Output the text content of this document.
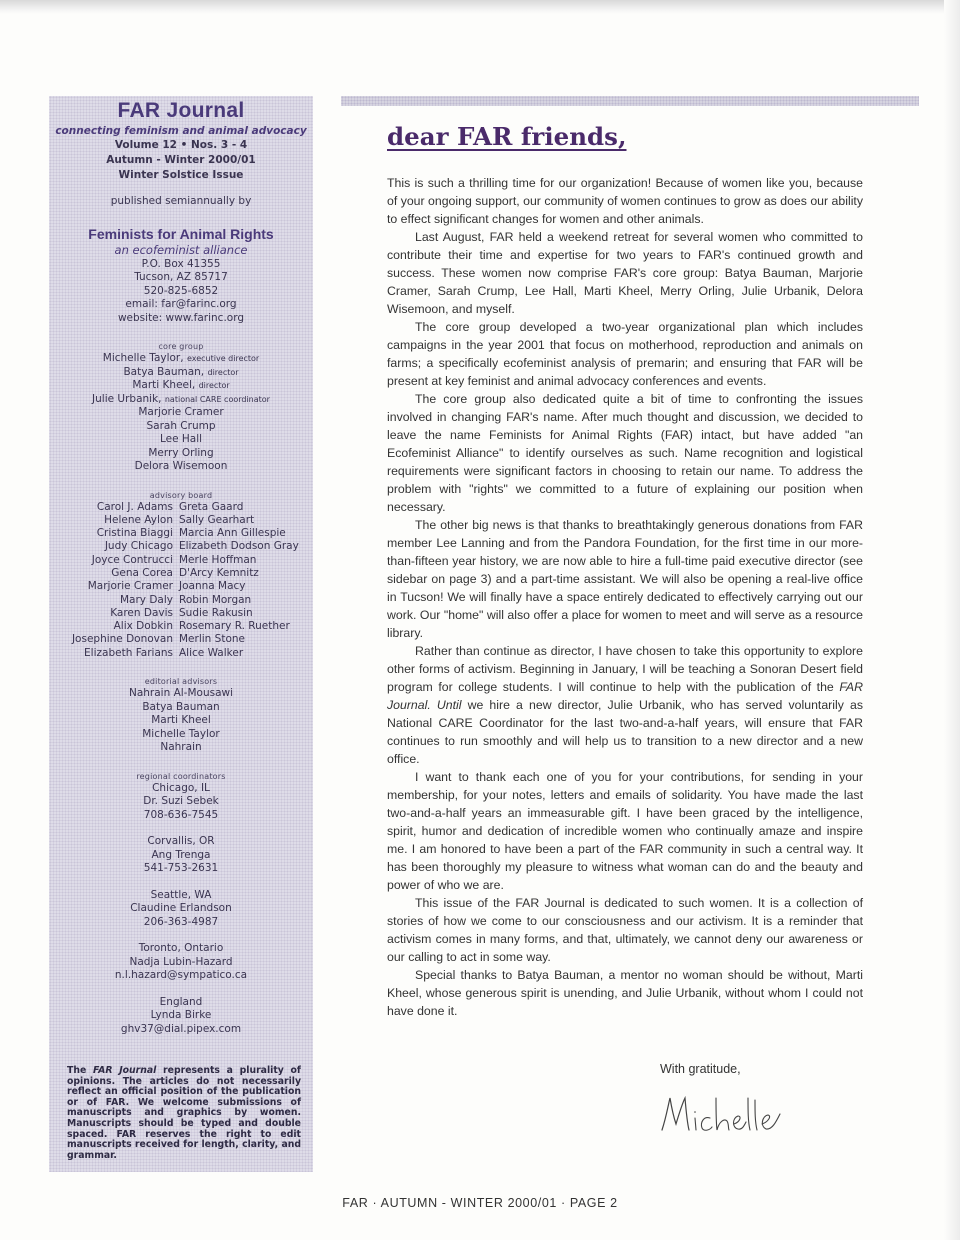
FAR Journal
connecting feminism and animal advocacy
Volume 12 • Nos. 3 - 4
Autumn - Winter 2000/01
Winter Solstice Issue
published semiannually by
Feminists for Animal Rights
an ecofeminist alliance
P.O. Box 41355
Tucson, AZ 85717
520-825-6852
email: far@farinc.org
website: www.farinc.org
core group
Michelle Taylor, executive director
Batya Bauman, director
Marti Kheel, director
Julie Urbanik, national CARE coordinator
Marjorie Cramer
Sarah Crump
Lee Hall
Merry Orling
Delora Wisemoon
advisory board
Carol J. Adams
Helene Aylon
Cristina Biaggi
Judy Chicago
Joyce Contrucci
Gena Corea
Marjorie Cramer
Mary Daly
Karen Davis
Alix Dobkin
Josephine Donovan
Elizabeth Farians
Greta Gaard
Sally Gearhart
Marcia Ann Gillespie
Elizabeth Dodson Gray
Merle Hoffman
D'Arcy Kemnitz
Joanna Macy
Robin Morgan
Sudie Rakusin
Rosemary R. Ruether
Merlin Stone
Alice Walker
editorial advisors
Nahrain Al-Mousawi
Batya Bauman
Marti Kheel
Michelle Taylor
Nahrain
regional coordinators
Chicago, IL
Dr. Suzi Sebek
708-636-7545
Corvallis, OR
Ang Trenga
541-753-2631
Seattle, WA
Claudine Erlandson
206-363-4987
Toronto, Ontario
Nadja Lubin-Hazard
n.l.hazard@sympatico.ca
England
Lynda Birke
ghv37@dial.pipex.com
The FAR Journal represents a plurality of opinions. The articles do not necessarily reflect an official position of the publication or of FAR. We welcome submissions of manuscripts and graphics by women. Manuscripts should be typed and double spaced. FAR reserves the right to edit manuscripts received for length, clarity, and grammar.
dear FAR friends,

This is such a thrilling time for our organization! Because of women like you, because of your ongoing support, our community of women continues to grow as does our ability to effect significant changes for women and other animals.

Last August, FAR held a weekend retreat for several women who committed to contribute their time and expertise for two years to FAR's continued growth and success. These women now comprise FAR's core group: Batya Bauman, Marjorie Cramer, Sarah Crump, Lee Hall, Marti Kheel, Merry Orling, Julie Urbanik, Delora Wisemoon, and myself.

The core group developed a two-year organizational plan which includes campaigns in the year 2001 that focus on motherhood, reproduction and animals on farms; a specifically ecofeminist analysis of premarin; and ensuring that FAR will be present at key feminist and animal advocacy conferences and events.

The core group also dedicated quite a bit of time to confronting the issues involved in changing FAR's name. After much thought and discussion, we decided to leave the name Feminists for Animal Rights (FAR) intact, but have added "an Ecofeminist Alliance" to identify ourselves as such. Name recognition and logistical requirements were significant factors in choosing to retain our name. To address the problem with "rights" we committed to a future of explaining our position when necessary.

The other big news is that thanks to breathtakingly generous donations from FAR member Lee Lanning and from the Pandora Foundation, for the first time in our more-than-fifteen year history, we are now able to hire a full-time paid executive director (see sidebar on page 3) and a part-time assistant. We will also be opening a real-live office in Tucson! We will finally have a space entirely dedicated to effectively carrying out our work. Our "home" will also offer a place for women to meet and will serve as a resource library.

Rather than continue as director, I have chosen to take this opportunity to explore other forms of activism. Beginning in January, I will be teaching a Sonoran Desert field program for college students. I will continue to help with the publication of the FAR Journal. Until we hire a new director, Julie Urbanik, who has served voluntarily as National CARE Coordinator for the last two-and-a-half years, will ensure that FAR continues to run smoothly and will help us to transition to a new director and a new office.

I want to thank each one of you for your contributions, for sending in your membership, for your notes, letters and emails of solidarity. You have made the last two-and-a-half years an immeasurable gift. I have been graced by the intelligence, spirit, humor and dedication of incredible women who continually amaze and inspire me. I am honored to have been a part of the FAR community in such a central way. It has been thoroughly my pleasure to witness what woman can do and the beauty and power of who we are.

This issue of the FAR Journal is dedicated to such women. It is a collection of stories of how we come to our consciousness and our activism. It is a reminder that activism comes in many forms, and that, ultimately, we cannot deny our awareness or our calling to act in some way.

Special thanks to Batya Bauman, a mentor no woman should be without, Marti Kheel, whose generous spirit is unending, and Julie Urbanik, without whom I could not have done it.

With gratitude,
FAR · AUTUMN - WINTER 2000/01 · PAGE 2
